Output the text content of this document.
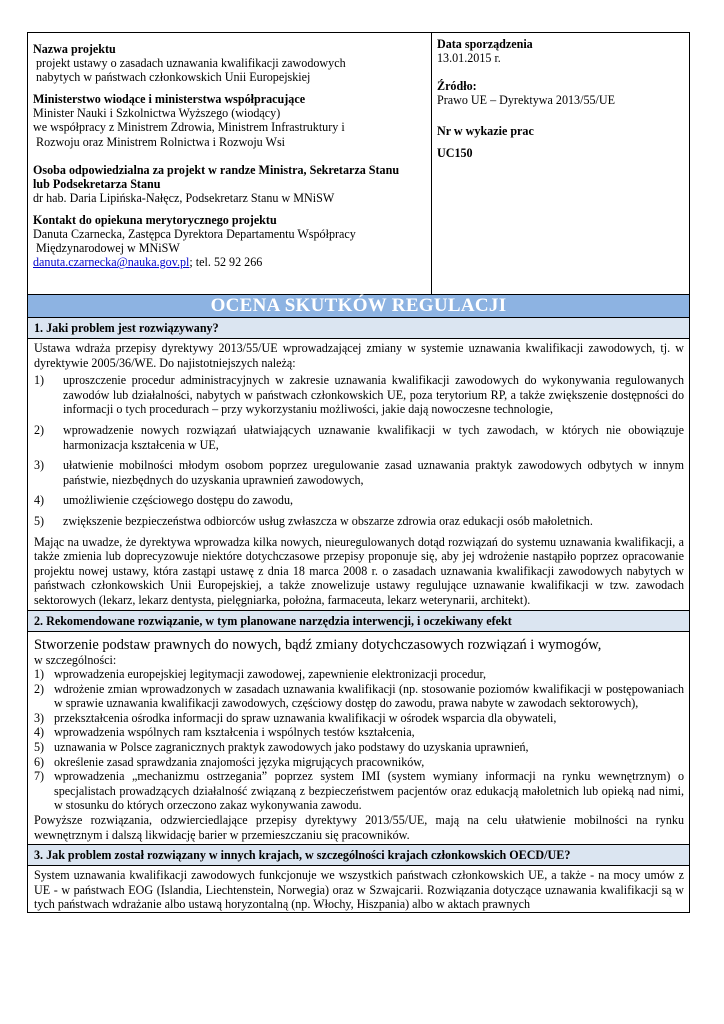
Nazwa projektu
projekt ustawy o zasadach uznawania kwalifikacji zawodowych
nabytych w państwach członkowskich Unii Europejskiej
Ministerstwo wiodące i ministerstwa współpracujące
Minister Nauki i Szkolnictwa Wyższego (wiodący)
we współpracy z Ministrem Zdrowia, Ministrem Infrastruktury i
Rozwoju oraz Ministrem Rolnictwa i Rozwoju Wsi
Osoba odpowiedzialna za projekt w randze Ministra, Sekretarza Stanu
lub Podsekretarza Stanu
dr hab. Daria Lipińska-Nałęcz, Podsekretarz Stanu w MNiSW
Kontakt do opiekuna merytorycznego projektu
Danuta Czarnecka, Zastępca Dyrektora Departamentu Współpracy
Międzynarodowej w MNiSW
danuta.czarnecka@nauka.gov.pl; tel. 52 92 266

Data sporządzenia
13.01.2015 r.
Źródło:
Prawo UE – Dyrektywa 2013/55/UE
Nr w wykazie prac
UC150

OCENA SKUTKÓW REGULACJI
1. Jaki problem jest rozwiązywany?

Ustawa wdraża przepisy dyrektywy 2013/55/UE wprowadzającej zmiany w systemie uznawania kwalifikacji zawodowych, tj. w dyrektywie 2005/36/WE. Do najistotniejszych należą:

1) uproszczenie procedur administracyjnych w zakresie uznawania kwalifikacji zawodowych do wykonywania regulowanych zawodów lub działalności, nabytych w państwach członkowskich UE, poza terytorium RP, a także zwiększenie dostępności do informacji o tych procedurach – przy wykorzystaniu możliwości, jakie dają nowoczesne technologie,
2) wprowadzenie nowych rozwiązań ułatwiających uznawanie kwalifikacji w tych zawodach, w których nie obowiązuje harmonizacja kształcenia w UE,
3) ułatwienie mobilności młodym osobom poprzez uregulowanie zasad uznawania praktyk zawodowych odbytych w innym państwie, niezbędnych do uzyskania uprawnień zawodowych,
4) umożliwienie częściowego dostępu do zawodu,
5) zwiększenie bezpieczeństwa odbiorców usług zwłaszcza w obszarze zdrowia oraz edukacji osób małoletnich.

Mając na uwadze, że dyrektywa wprowadza kilka nowych, nieuregulowanych dotąd rozwiązań do systemu uznawania kwalifikacji, a także zmienia lub doprecyzowuje niektóre dotychczasowe przepisy proponuje się, aby jej wdrożenie nastąpiło poprzez opracowanie projektu nowej ustawy, która zastąpi ustawę z dnia 18 marca 2008 r. o zasadach uznawania kwalifikacji zawodowych nabytych w państwach członkowskich Unii Europejskiej, a także znowelizuje ustawy regulujące uznawanie kwalifikacji w tzw. zawodach sektorowych (lekarz, lekarz dentysta, pielęgniarka, położna, farmaceuta, lekarz weterynarii, architekt).

2. Rekomendowane rozwiązanie, w tym planowane narzędzia interwencji, i oczekiwany efekt

Stworzenie podstaw prawnych do nowych, bądź zmiany dotychczasowych rozwiązań i wymogów,

w szczególności:

1) wprowadzenia europejskiej legitymacji zawodowej, zapewnienie elektronizacji procedur,
2) wdrożenie zmian wprowadzonych w zasadach uznawania kwalifikacji (np. stosowanie poziomów kwalifikacji w postępowaniach w sprawie uznawania kwalifikacji zawodowych, częściowy dostęp do zawodu, prawa nabyte w zawodach sektorowych),
3) przekształcenia ośrodka informacji do spraw uznawania kwalifikacji w ośrodek wsparcia dla obywateli,
4) wprowadzenia wspólnych ram kształcenia i wspólnych testów kształcenia,
5) uznawania w Polsce zagranicznych praktyk zawodowych jako podstawy do uzyskania uprawnień,
6) określenie zasad sprawdzania znajomości języka migrujących pracowników,
7) wprowadzenia „mechanizmu ostrzegania” poprzez system IMI (system wymiany informacji na rynku wewnętrznym) o specjalistach prowadzących działalność związaną z bezpieczeństwem pacjentów oraz edukacją małoletnich lub opieką nad nimi, w stosunku do których orzeczono zakaz wykonywania zawodu.

Powyższe rozwiązania, odzwierciedlające przepisy dyrektywy 2013/55/UE, mają na celu ułatwienie mobilności na rynku wewnętrznym i dalszą likwidację barier w przemieszczaniu się pracowników.

3. Jak problem został rozwiązany w innych krajach, w szczególności krajach członkowskich OECD/UE?

System uznawania kwalifikacji zawodowych funkcjonuje we wszystkich państwach członkowskich UE, a także - na mocy umów z UE - w państwach EOG (Islandia, Liechtenstein, Norwegia) oraz w Szwajcarii. Rozwiązania dotyczące uznawania kwalifikacji są w tych państwach wdrażanie albo ustawą horyzontalną (np. Włochy, Hiszpania) albo w aktach prawnych
